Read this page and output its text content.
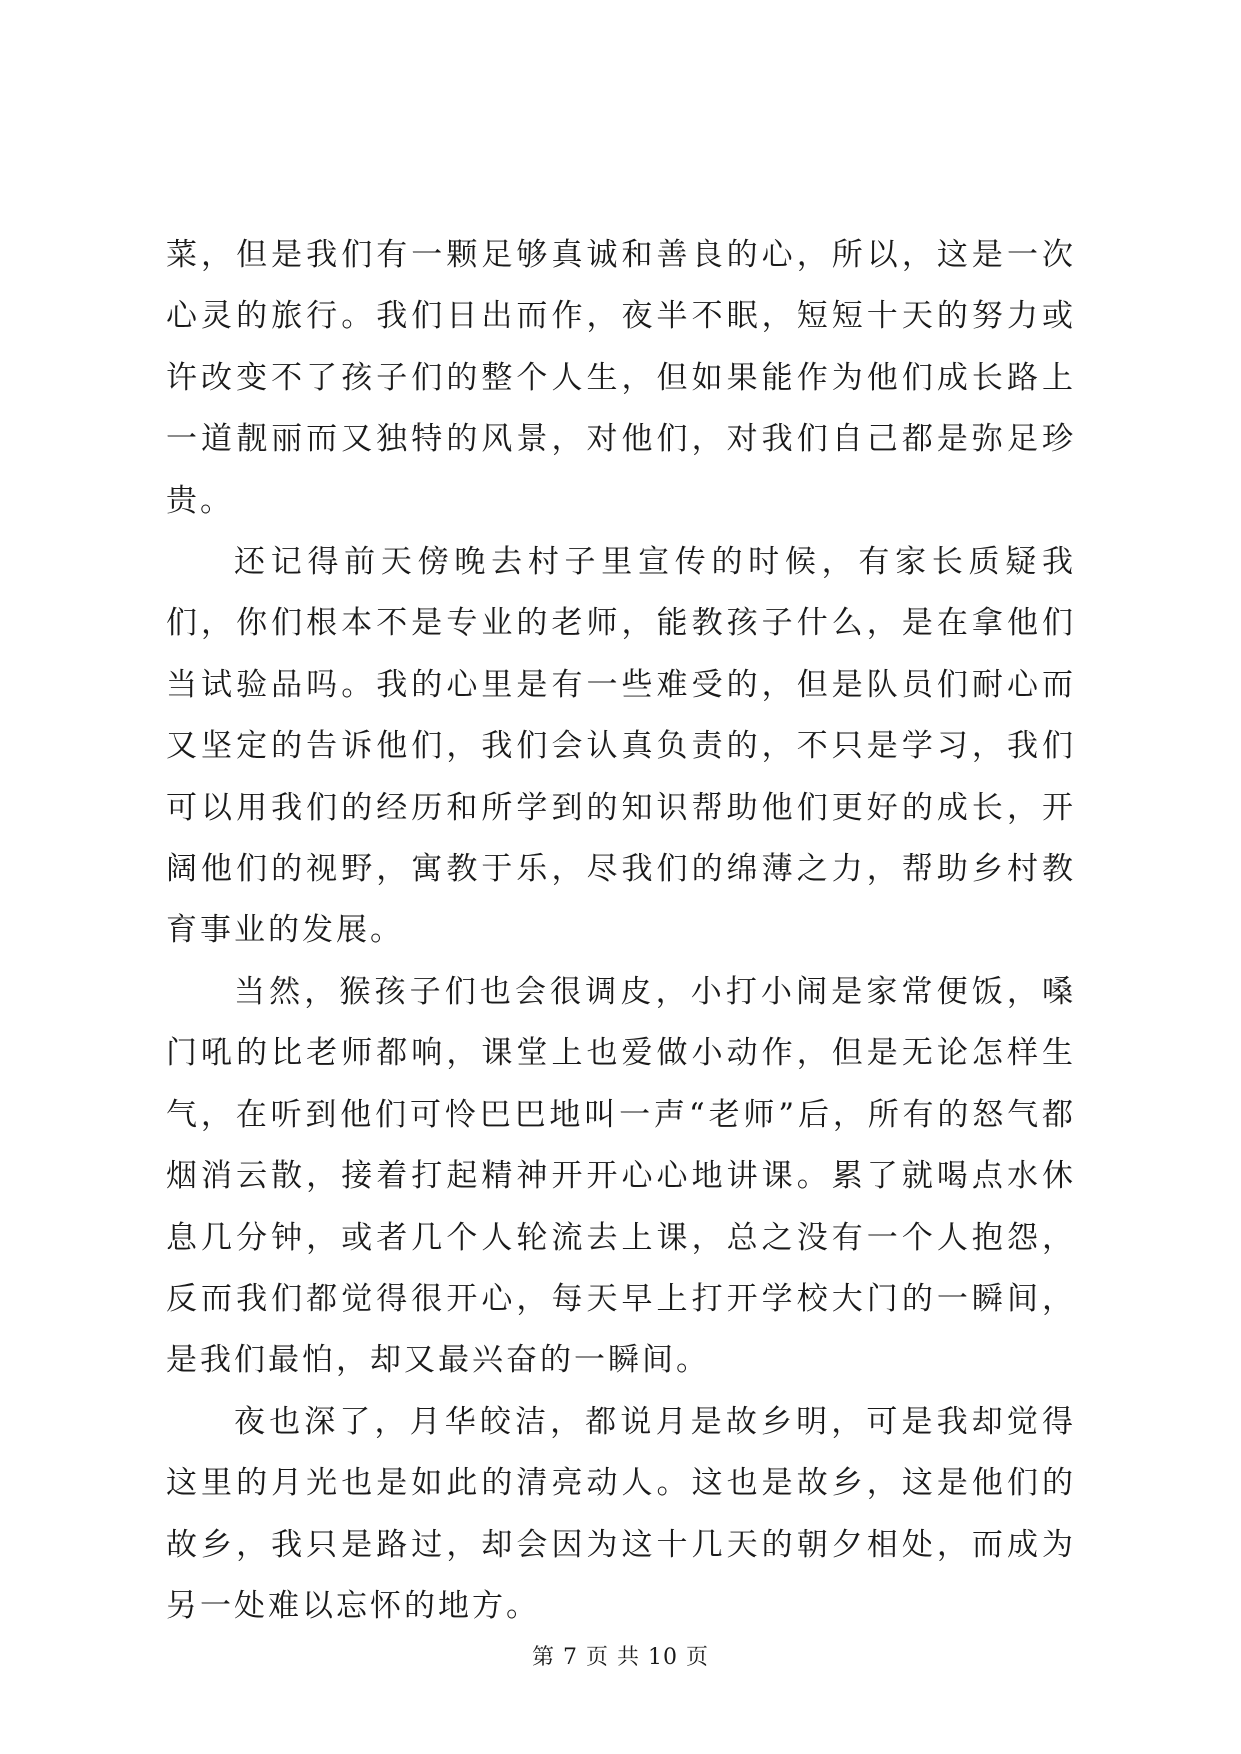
菜，但是我们有一颗足够真诚和善良的心，所以，这是一次心灵的旅行。我们日出而作，夜半不眠，短短十天的努力或许改变不了孩子们的整个人生，但如果能作为他们成长路上一道靓丽而又独特的风景，对他们，对我们自己都是弥足珍贵。

还记得前天傍晚去村子里宣传的时候，有家长质疑我们，你们根本不是专业的老师，能教孩子什么，是在拿他们当试验品吗。我的心里是有一些难受的，但是队员们耐心而又坚定的告诉他们，我们会认真负责的，不只是学习，我们可以用我们的经历和所学到的知识帮助他们更好的成长，开阔他们的视野，寓教于乐，尽我们的绵薄之力，帮助乡村教育事业的发展。

当然，猴孩子们也会很调皮，小打小闹是家常便饭，嗓门吼的比老师都响，课堂上也爱做小动作，但是无论怎样生气，在听到他们可怜巴巴地叫一声“老师”后，所有的怒气都烟消云散，接着打起精神开开心心地讲课。累了就喝点水休息几分钟，或者几个人轮流去上课，总之没有一个人抱怨，反而我们都觉得很开心，每天早上打开学校大门的一瞬间，是我们最怕，却又最兴奋的一瞬间。

夜也深了，月华皎洁，都说月是故乡明，可是我却觉得这里的月光也是如此的清亮动人。这也是故乡，这是他们的故乡，我只是路过，却会因为这十几天的朝夕相处，而成为另一处难以忘怀的地方。

第 7 页 共 10 页
